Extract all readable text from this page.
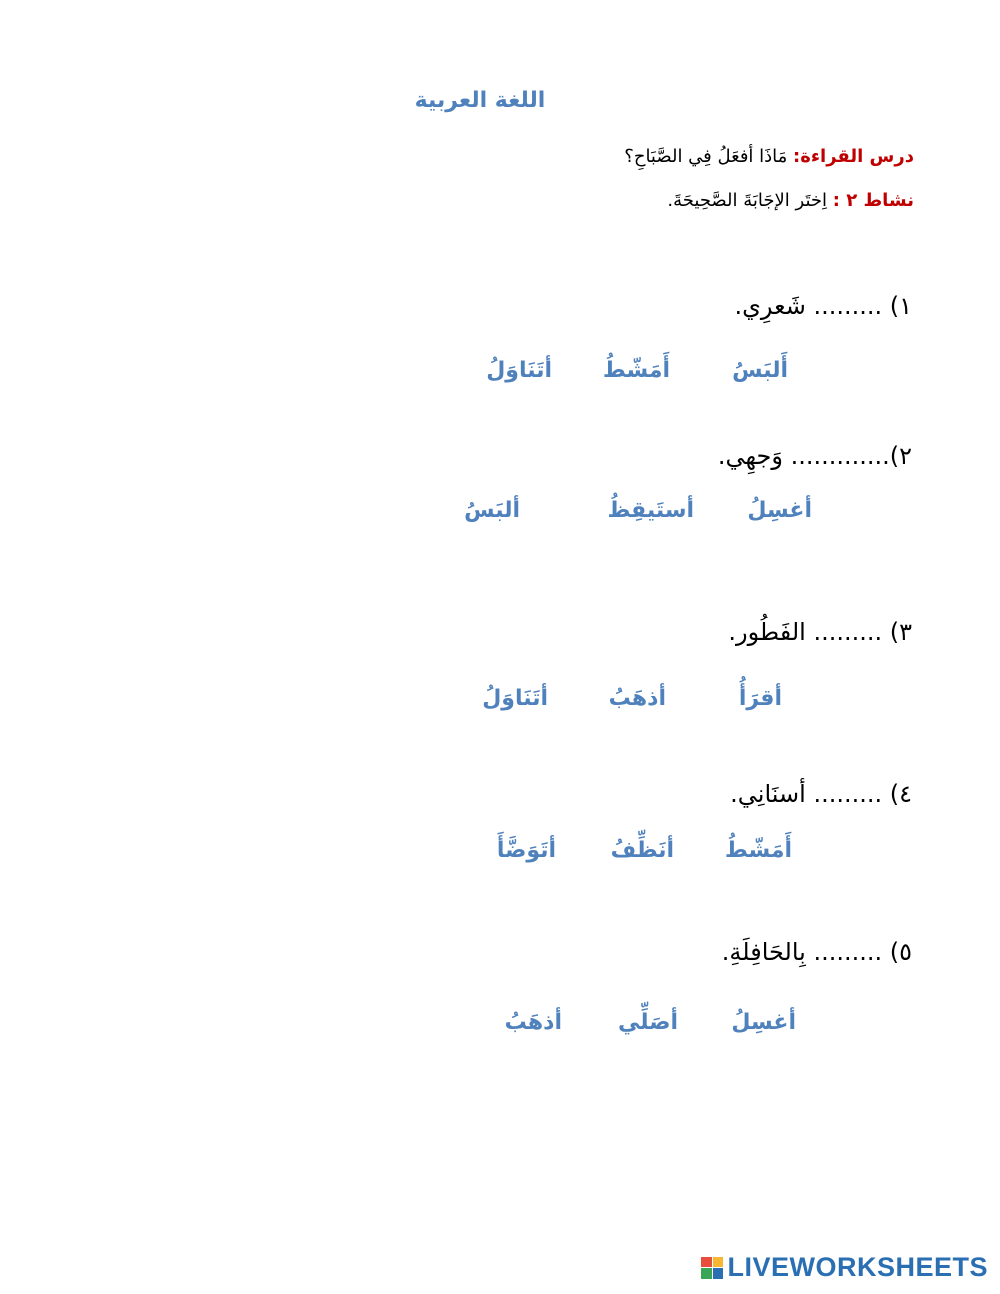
اللغة العربية
درس القراءة: مَاذَا أفعَلُ فِي الصَّبَاحِ؟
نشاط ٢ : اِختَر الإجَابَةَ الصَّحِيحَةَ.
١) ......... شَعرِي.
أَلبَسُ
أَمَشّطُ
أتَنَاوَلُ
٢)............. وَجهِي.
أغسِلُ
أستَيقِظُ
ألبَسُ
٣) ......... الفَطُور.
أقرَأُ
أذهَبُ
أتَنَاوَلُ
٤) ......... أسنَانِي.
أَمَشّطُ
أنَظِّفُ
أتَوَضَّأَ
٥) ......... بِالحَافِلَةِ.
أغسِلُ
أصَلِّي
أذهَبُ
LIVEWORKSHEETS
